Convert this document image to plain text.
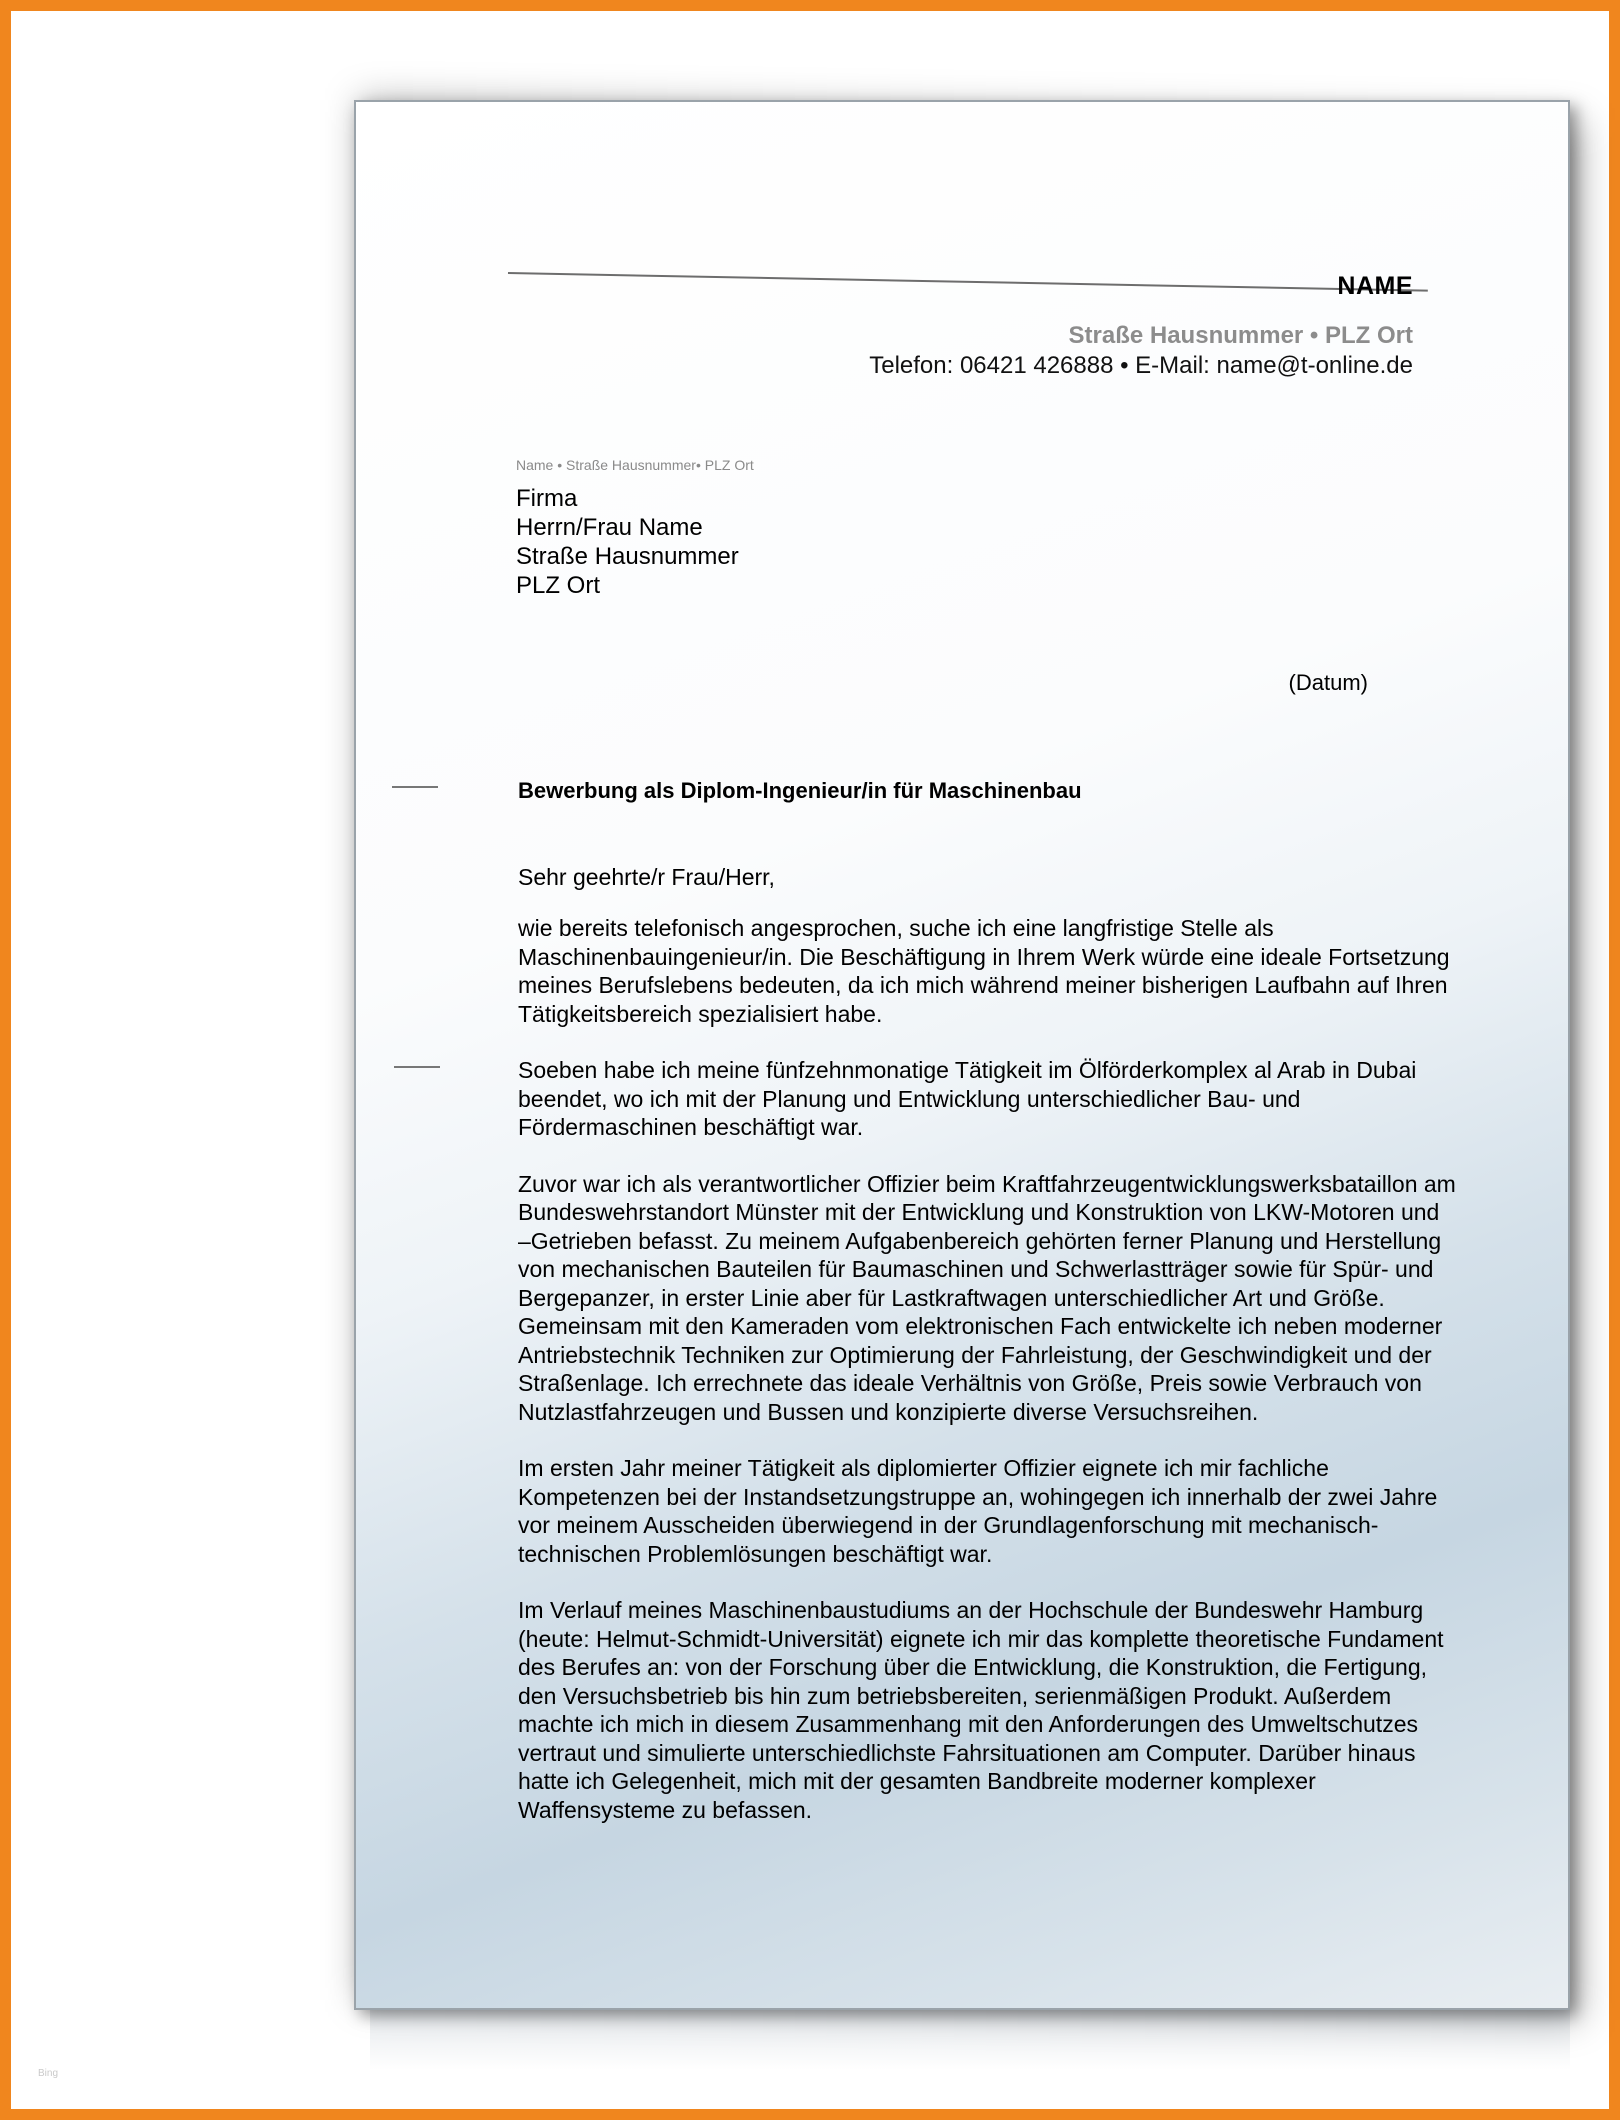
NAME
Straße Hausnummer • PLZ Ort
Telefon: 06421 426888 • E-Mail: name@t-online.de
Name • Straße Hausnummer• PLZ Ort
Firma
Herrn/Frau Name
Straße Hausnummer
PLZ Ort
(Datum)
Bewerbung als Diplom-Ingenieur/in für Maschinenbau
Sehr geehrte/r Frau/Herr,

wie bereits telefonisch angesprochen, suche ich eine langfristige Stelle als Maschinenbauingenieur/in. Die Beschäftigung in Ihrem Werk würde eine ideale Fortsetzung meines Berufslebens bedeuten, da ich mich während meiner bisherigen Laufbahn auf Ihren Tätigkeitsbereich spezialisiert habe.

Soeben habe ich meine fünfzehnmonatige Tätigkeit im Ölförderkomplex al Arab in Dubai beendet, wo ich mit der Planung und Entwicklung unterschiedlicher Bau- und Fördermaschinen beschäftigt war.

Zuvor war ich als verantwortlicher Offizier beim Kraftfahrzeugentwicklungswerksbataillon am Bundeswehrstandort Münster mit der Entwicklung und Konstruktion von LKW-Motoren und –Getrieben befasst. Zu meinem Aufgabenbereich gehörten ferner Planung und Herstellung von mechanischen Bauteilen für Baumaschinen und Schwerlastträger sowie für Spür- und Bergepanzer, in erster Linie aber für Lastkraftwagen unterschiedlicher Art und Größe. Gemeinsam mit den Kameraden vom elektronischen Fach entwickelte ich neben moderner Antriebstechnik Techniken zur Optimierung der Fahrleistung, der Geschwindigkeit und der Straßenlage. Ich errechnete das ideale Verhältnis von Größe, Preis sowie Verbrauch von Nutzlastfahrzeugen und Bussen und konzipierte diverse Versuchsreihen.

Im ersten Jahr meiner Tätigkeit als diplomierter Offizier eignete ich mir fachliche Kompetenzen bei der Instandsetzungstruppe an, wohingegen ich innerhalb der zwei Jahre vor meinem Ausscheiden überwiegend in der Grundlagenforschung mit mechanisch-technischen Problemlösungen beschäftigt war.

Im Verlauf meines Maschinenbaustudiums an der Hochschule der Bundeswehr Hamburg (heute: Helmut-Schmidt-Universität) eignete ich mir das komplette theoretische Fundament des Berufes an: von der Forschung über die Entwicklung, die Konstruktion, die Fertigung, den Versuchsbetrieb bis hin zum betriebsbereiten, serienmäßigen Produkt. Außerdem machte ich mich in diesem Zusammenhang mit den Anforderungen des Umweltschutzes vertraut und simulierte unterschiedlichste Fahrsituationen am Computer. Darüber hinaus hatte ich Gelegenheit, mich mit der gesamten Bandbreite moderner komplexer Waffensysteme zu befassen.

Bing
